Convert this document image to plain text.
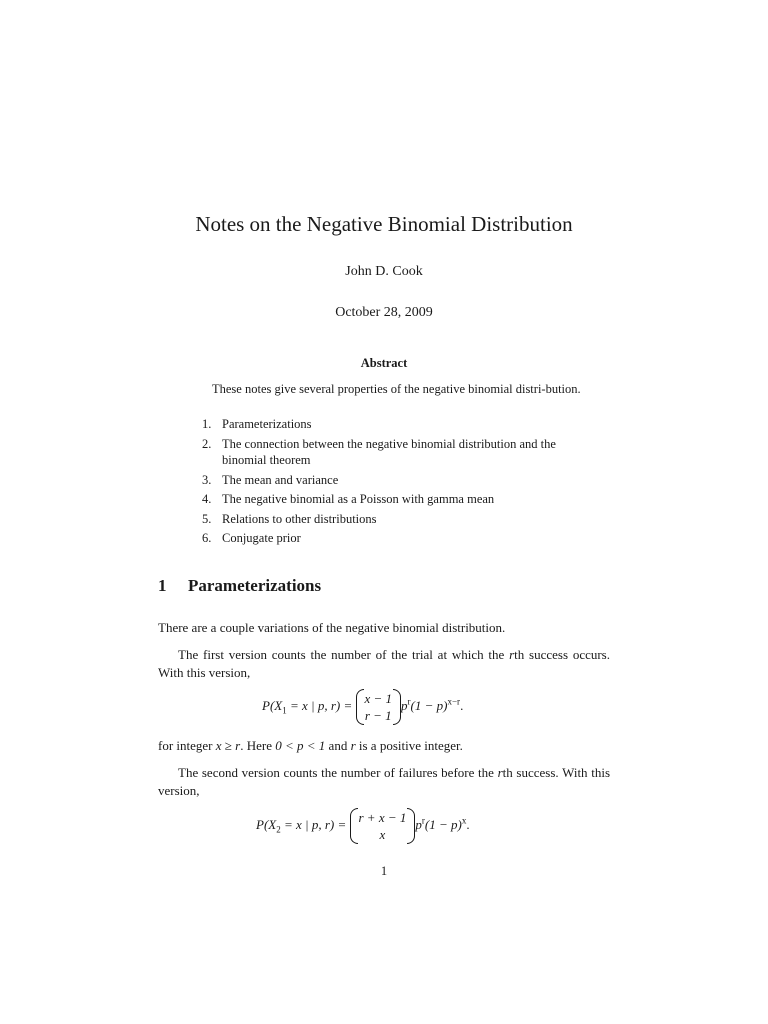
Notes on the Negative Binomial Distribution
John D. Cook
October 28, 2009
Abstract
These notes give several properties of the negative binomial distri-bution.
1. Parameterizations
2. The connection between the negative binomial distribution and the binomial theorem
3. The mean and variance
4. The negative binomial as a Poisson with gamma mean
5. Relations to other distributions
6. Conjugate prior
1 Parameterizations
There are a couple variations of the negative binomial distribution.
The first version counts the number of the trial at which the rth success occurs. With this version,
$P(X_1 = x$ | p, r) = x − 1
r − 1
$p^r(1 - p)^{x-r}$.
for integer x ≥ r. Here 0 < p < 1 and r is a positive integer.
The second version counts the number of failures before the rth success. With this version,
$P(X_2 = x$ | p, r) = r + x − 1
x
$p^r(1 - p)^x$.
1
